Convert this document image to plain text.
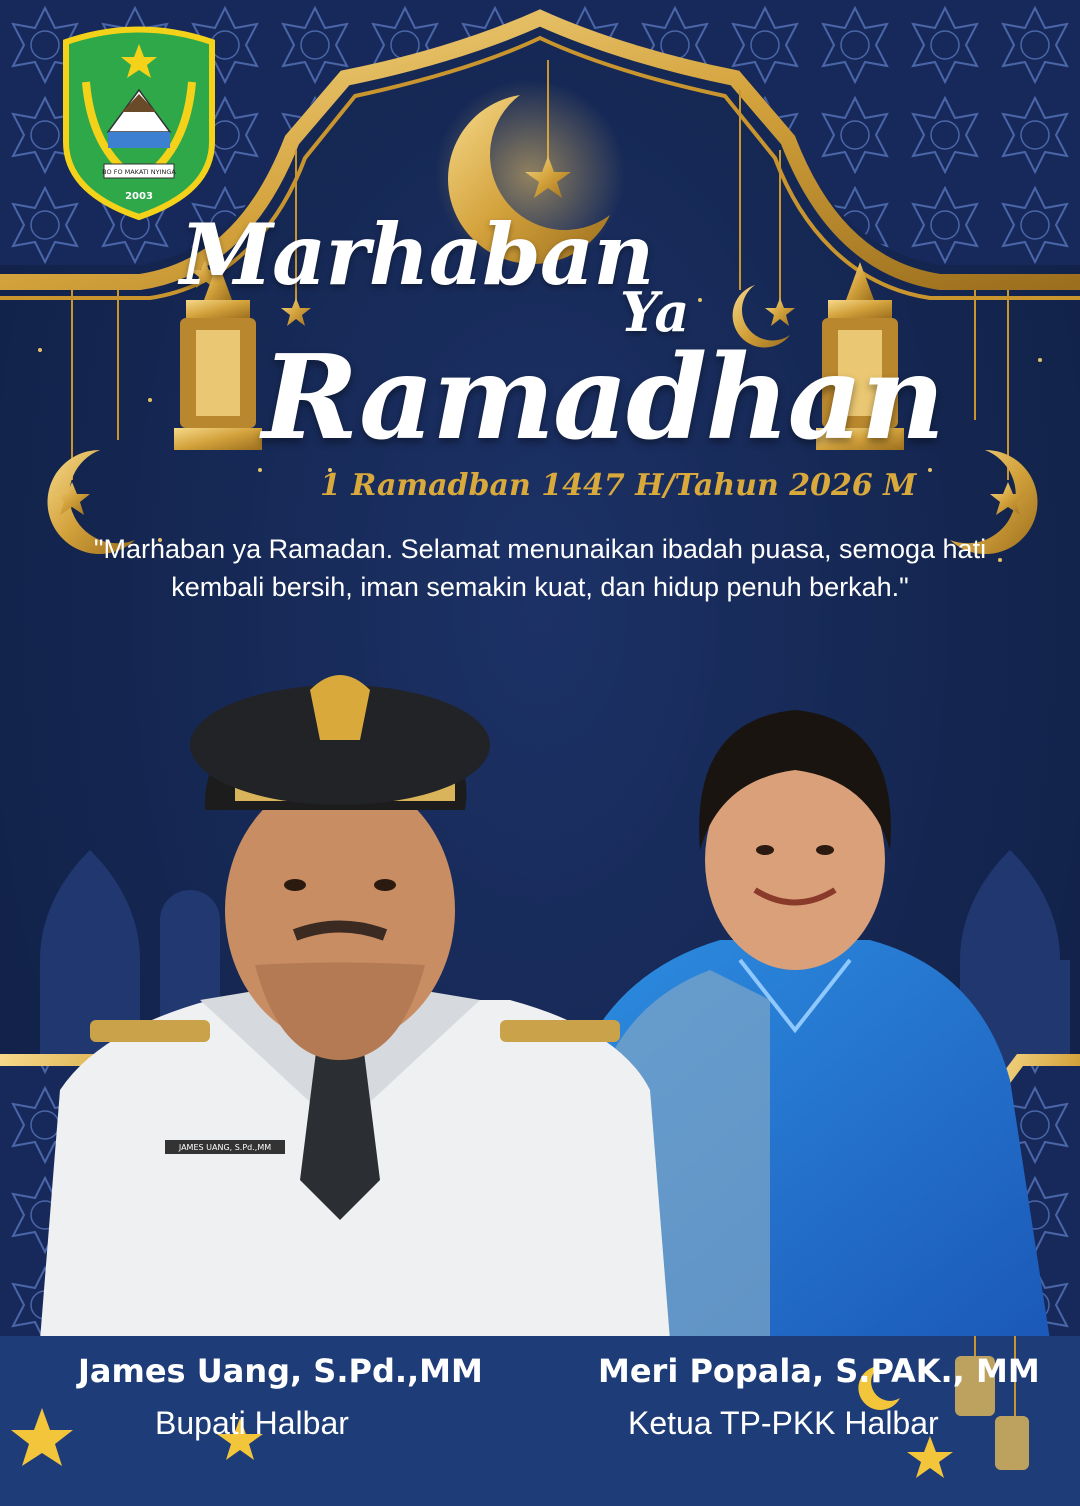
BO FO MAKATI NYINGA
2003
Marhaban
Ya
Ramadhan
1 Ramadban 1447 H/Tahun 2026 M
"Marhaban ya Ramadan. Selamat menunaikan ibadah puasa, semoga hati kembali bersih, iman semakin kuat, dan hidup penuh berkah."
JAMES UANG, S.Pd.,MM
James Uang, S.Pd.,MM
Bupati Halbar
Meri Popala, S.PAK., MM
Ketua TP-PKK Halbar
